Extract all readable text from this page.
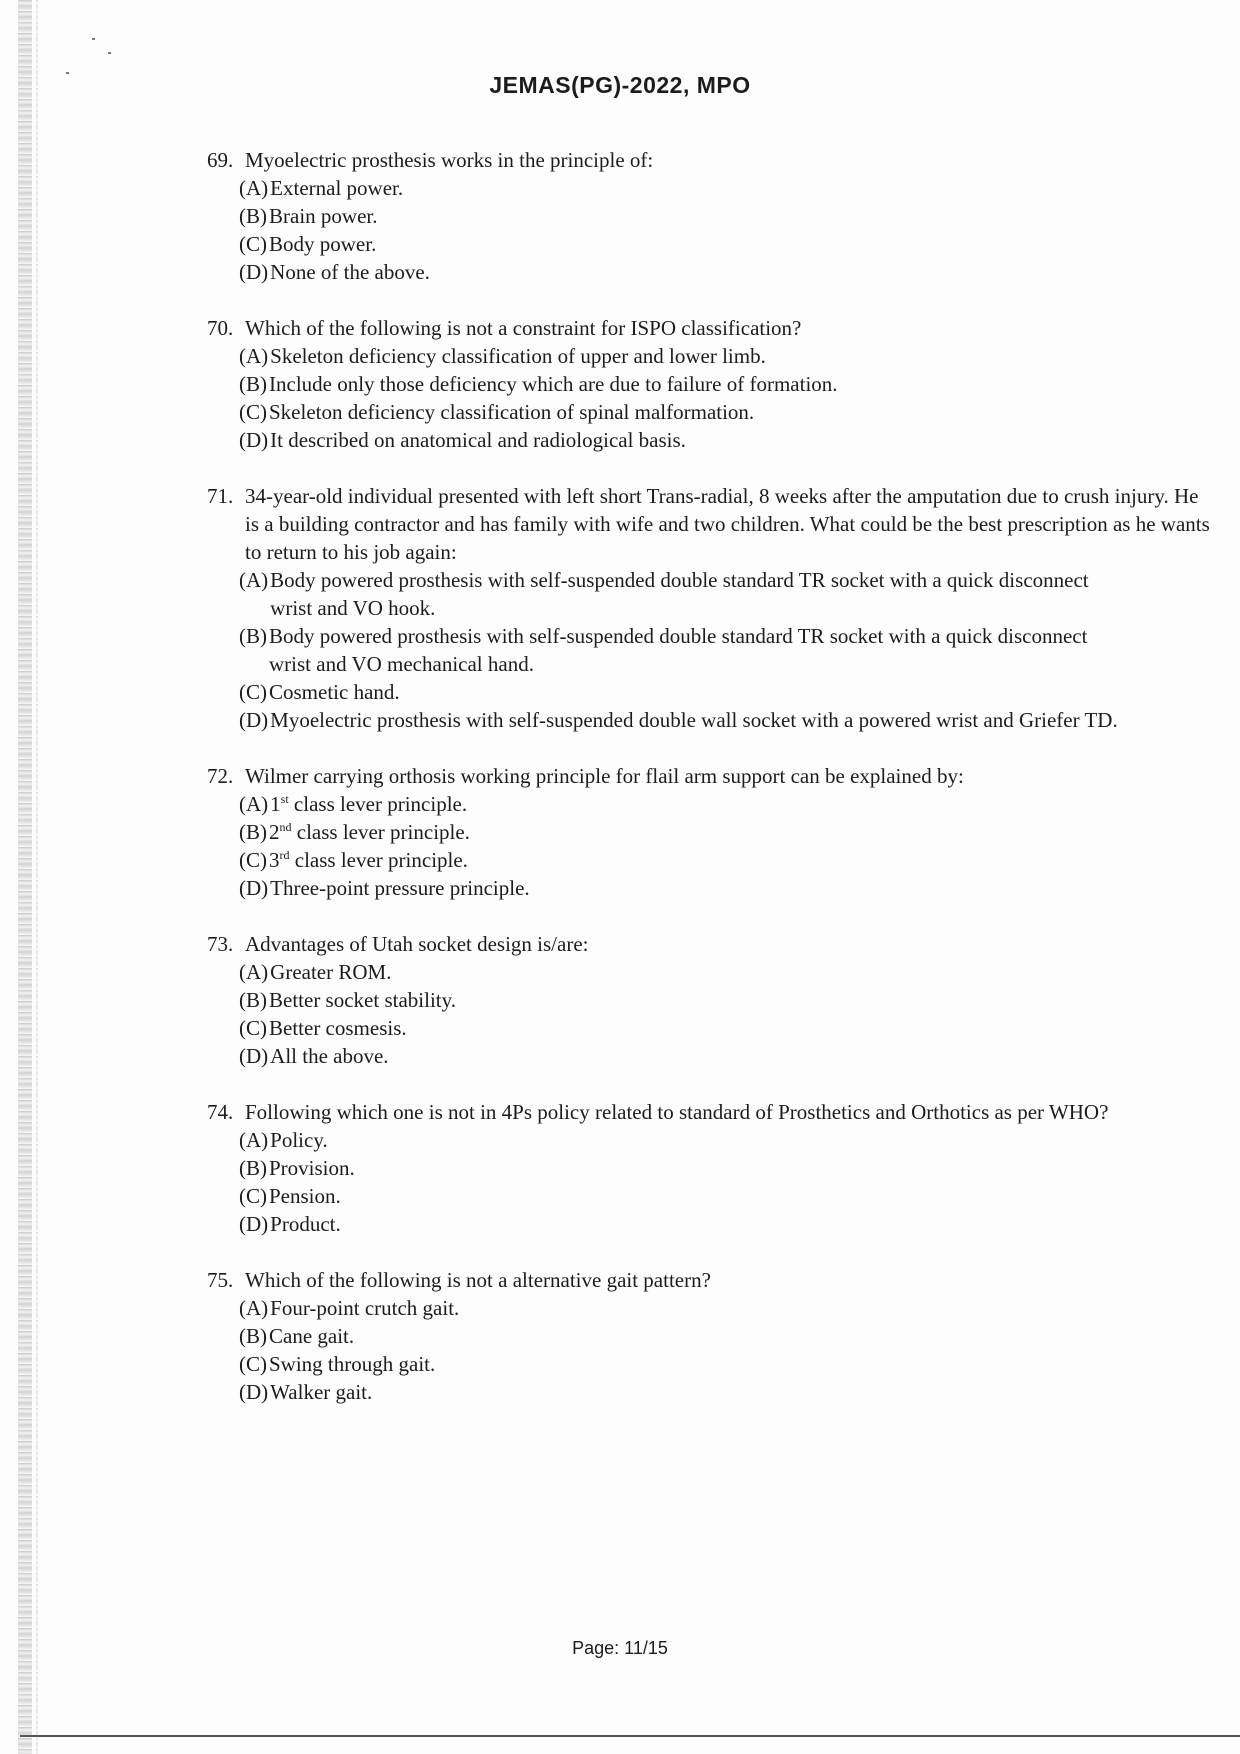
JEMAS(PG)-2022, MPO
69. Myoelectric prosthesis works in the principle of:
(A) External power.
(B) Brain power.
(C) Body power.
(D) None of the above.
70. Which of the following is not a constraint for ISPO classification?
(A) Skeleton deficiency classification of upper and lower limb.
(B) Include only those deficiency which are due to failure of formation.
(C) Skeleton deficiency classification of spinal malformation.
(D) It described on anatomical and radiological basis.
71. 34-year-old individual presented with left short Trans-radial, 8 weeks after the amputation due to crush injury. He is a building contractor and has family with wife and two children. What could be the best prescription as he wants to return to his job again:
(A) Body powered prosthesis with self-suspended double standard TR socket with a quick disconnect wrist and VO hook.
(B) Body powered prosthesis with self-suspended double standard TR socket with a quick disconnect wrist and VO mechanical hand.
(C) Cosmetic hand.
(D) Myoelectric prosthesis with self-suspended double wall socket with a powered wrist and Griefer TD.
72. Wilmer carrying orthosis working principle for flail arm support can be explained by:
(A) 1st class lever principle.
(B) 2nd class lever principle.
(C) 3rd class lever principle.
(D) Three-point pressure principle.
73. Advantages of Utah socket design is/are:
(A) Greater ROM.
(B) Better socket stability.
(C) Better cosmesis.
(D) All the above.
74. Following which one is not in 4Ps policy related to standard of Prosthetics and Orthotics as per WHO?
(A) Policy.
(B) Provision.
(C) Pension.
(D) Product.
75. Which of the following is not a alternative gait pattern?
(A) Four-point crutch gait.
(B) Cane gait.
(C) Swing through gait.
(D) Walker gait.
Page: 11/15
